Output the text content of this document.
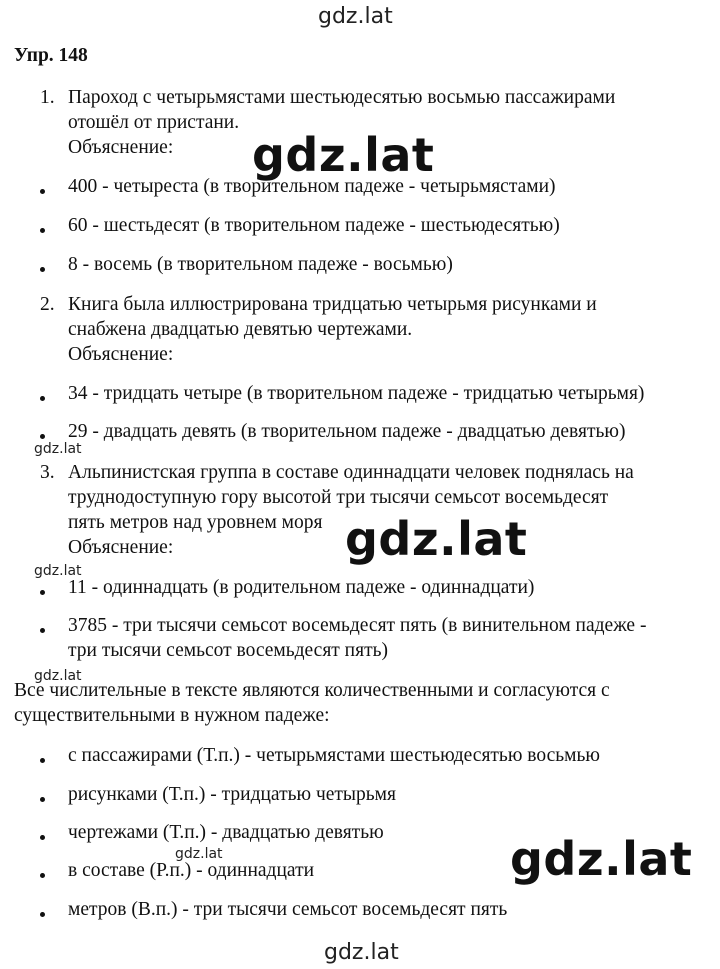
gdz.lat
Упр. 148
1. Пароход с четырьмястами шестьюдесятью восьмью пассажирами
отошёл от пристани.
Объяснение:
400 - четыреста (в творительном падеже - четырьмястами)
60 - шестьдесят (в творительном падеже - шестьюдесятью)
8 - восемь (в творительном падеже - восьмью)
2. Книга была иллюстрирована тридцатью четырьмя рисунками и
снабжена двадцатью девятью чертежами.
Объяснение:
34 - тридцать четыре (в творительном падеже - тридцатью четырьмя)
29 - двадцать девять (в творительном падеже - двадцатью девятью)
3. Альпинистская группа в составе одиннадцати человек поднялась на
труднодоступную гору высотой три тысячи семьсот восемьдесят
пять метров над уровнем моря
Объяснение:
11 - одиннадцать (в родительном падеже - одиннадцати)
3785 - три тысячи семьсот восемьдесят пять (в винительном падеже -
три тысячи семьсот восемьдесят пять)
Все числительные в тексте являются количественными и согласуются с
существительными в нужном падеже:
с пассажирами (Т.п.) - четырьмястами шестьюдесятью восьмью
рисунками (Т.п.) - тридцатью четырьмя
чертежами (Т.п.) - двадцатью девятью
в составе (Р.п.) - одиннадцати
метров (В.п.) - три тысячи семьсот восемьдесят пять
gdz.lat
gdz.lat
gdz.lat
gdz.lat
gdz.lat
gdz.lat
gdz.lat
gdz.lat
